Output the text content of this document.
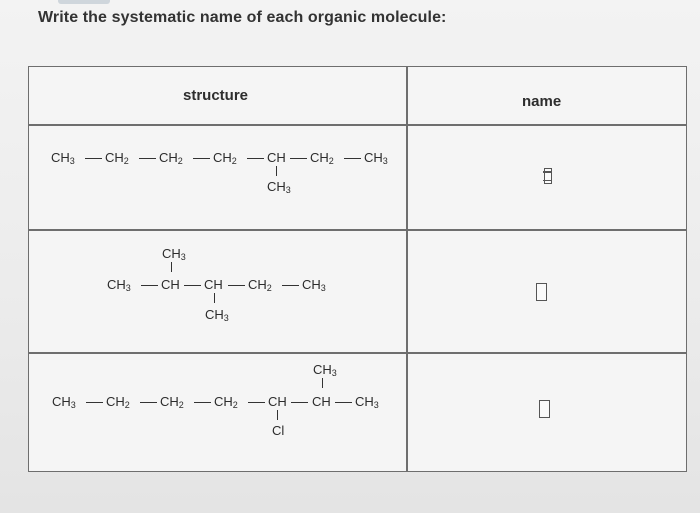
Write the systematic name of each organic molecule:
structure	name
$CH_3$ $CH_2$ $CH_2$ $CH_2$ CH $CH_2$ $CH_3$
$CH_3$
$CH_3$
$CH_3$ CH CH $CH_2$ $CH_3$
$CH_3$
$CH_3$
$CH_3$ $CH_2$ $CH_2$ $CH_2$ CH CH $CH_3$
Cl
